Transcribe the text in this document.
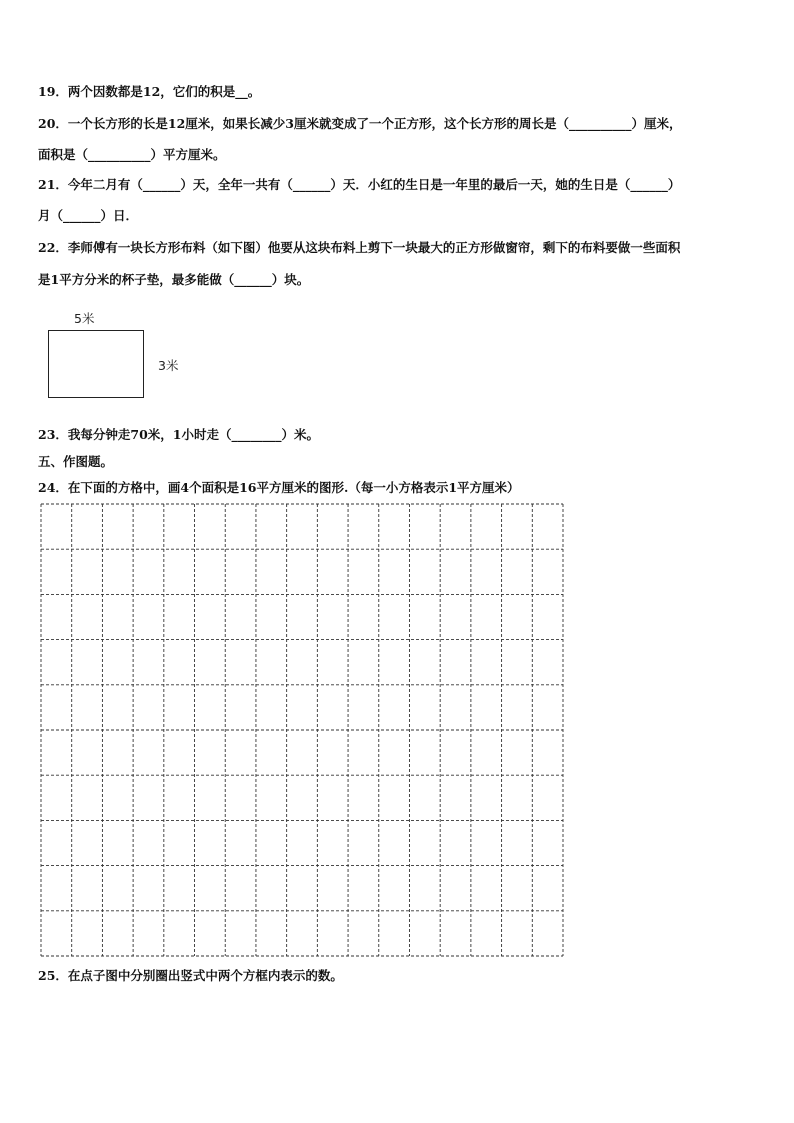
19．两个因数都是12，它们的积是__。
20．一个长方形的长是12厘米，如果长减少3厘米就变成了一个正方形，这个长方形的周长是（__________）厘米，
面积是（__________）平方厘米。
21．今年二月有（______）天，全年一共有（______）天．小红的生日是一年里的最后一天，她的生日是（______）
月（______）日．
22．李师傅有一块长方形布料（如下图）他要从这块布料上剪下一块最大的正方形做窗帘，剩下的布料要做一些面积
是1平方分米的杯子垫，最多能做（______）块。
5米
3米
23．我每分钟走70米，1小时走（________）米。
五、作图题。
24．在下面的方格中，画4个面积是16平方厘米的图形.（每一小方格表示1平方厘米）
25．在点子图中分别圈出竖式中两个方框内表示的数。
